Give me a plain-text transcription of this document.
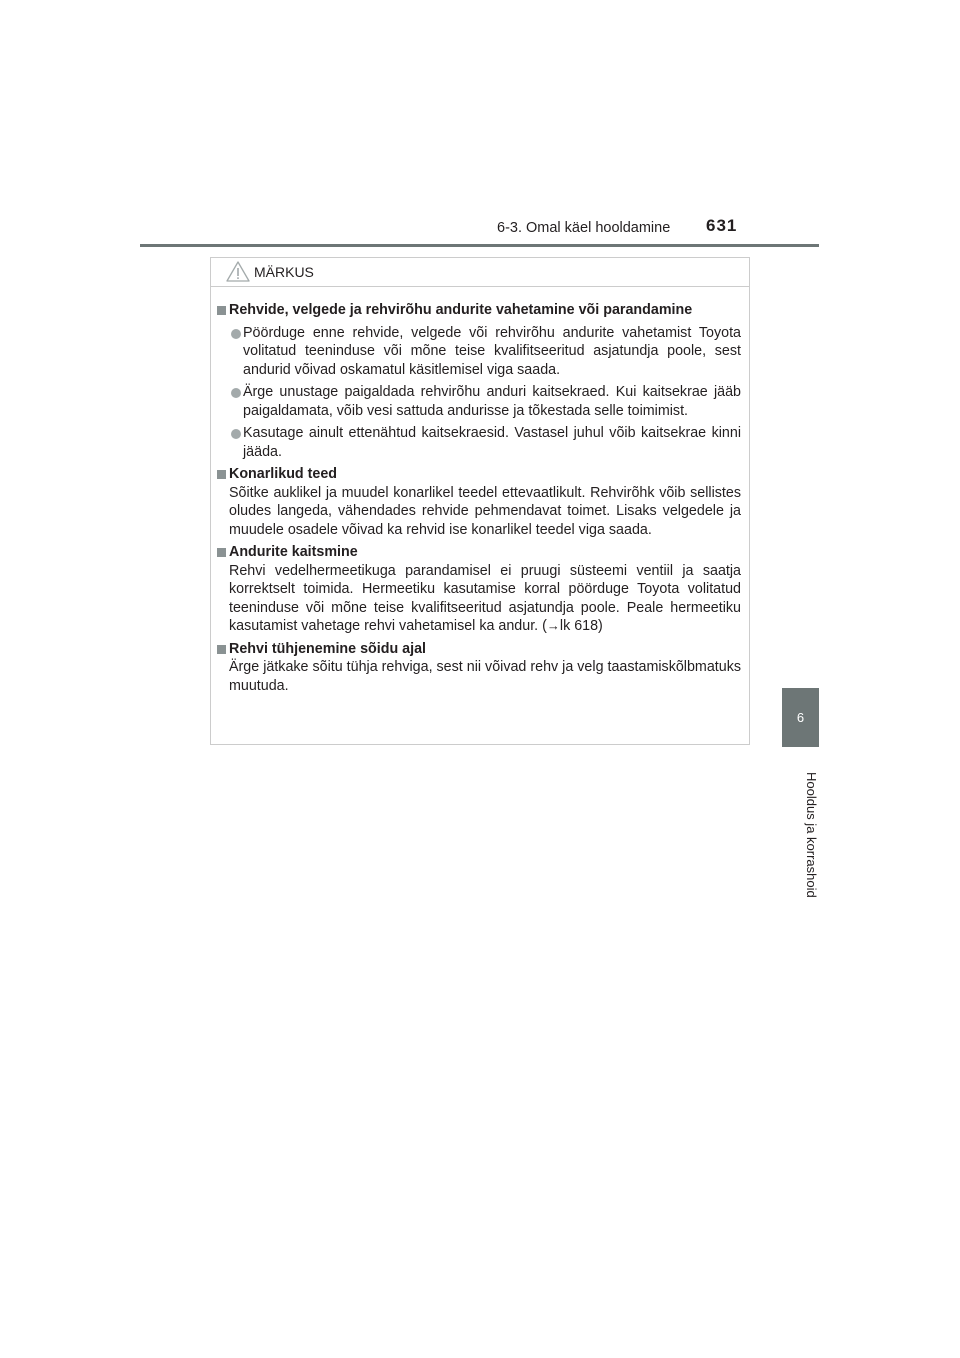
6-3. Omal käel hooldamine	631
6
Hooldus ja korrashoid
MÄRKUS
Rehvide, velgede ja rehvirõhu andurite vahetamine või parandamine
Pöörduge enne rehvide, velgede või rehvirõhu andurite vahetamist Toyota volitatud teeninduse või mõne teise kvalifitseeritud asjatundja poole, sest andurid võivad oskamatul käsitlemisel viga saada.
Ärge unustage paigaldada rehvirõhu anduri kaitsekraed. Kui kaitsekrae jääb paigaldamata, võib vesi sattuda andurisse ja tõkestada selle toimimist.
Kasutage ainult ettenähtud kaitsekraesid. Vastasel juhul võib kaitsekrae kinni jääda.
Konarlikud teed
Sõitke auklikel ja muudel konarlikel teedel ettevaatlikult. Rehvirõhk võib sellistes oludes langeda, vähendades rehvide pehmendavat toimet. Lisaks velgedele ja muudele osadele võivad ka rehvid ise konarlikel teedel viga saada.
Andurite kaitsmine
Rehvi vedelhermeetikuga parandamisel ei pruugi süsteemi ventiil ja saatja korrektselt toimida. Hermeetiku kasutamise korral pöörduge Toyota volitatud teeninduse või mõne teise kvalifitseeritud asjatundja poole. Peale hermeetiku kasutamist vahetage rehvi vahetamisel ka andur. (→lk 618)
Rehvi tühjenemine sõidu ajal
Ärge jätkake sõitu tühja rehviga, sest nii võivad rehv ja velg taastamiskõlbmatuks muutuda.
